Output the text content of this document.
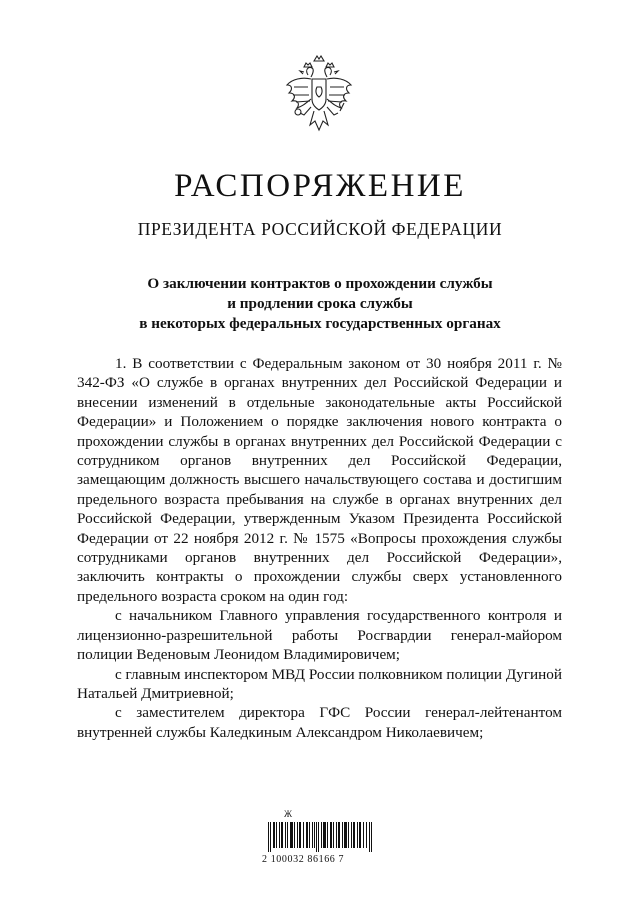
РАСПОРЯЖЕНИЕ
ПРЕЗИДЕНТА РОССИЙСКОЙ ФЕДЕРАЦИИ
О заключении контрактов о прохождении службы
и продлении срока службы
в некоторых федеральных государственных органах

1. В соответствии с Федеральным законом от 30 ноября 2011 г. № 342-ФЗ «О службе в органах внутренних дел Российской Федерации и внесении изменений в отдельные законодательные акты Российской Федерации» и Положением о порядке заключения нового контракта о прохождении службы в органах внутренних дел Российской Федерации с сотрудником органов внутренних дел Российской Федерации, замещающим должность высшего начальствующего состава и достигшим предельного возраста пребывания на службе в органах внутренних дел Российской Федерации, утвержденным Указом Президента Российской Федерации от 22 ноября 2012 г. № 1575 «Вопросы прохождения службы сотрудниками органов внутренних дел Российской Федерации», заключить контракты о прохождении службы сверх установленного предельного возраста сроком на один год:

с начальником Главного управления государственного контроля и лицензионно-разрешительной работы Росгвардии генерал-майором полиции Веденовым Леонидом Владимировичем;

с главным инспектором МВД России полковником полиции Дугиной Натальей Дмитриевной;

с заместителем директора ГФС России генерал-лейтенантом внутренней службы Каледкиным Александром Николаевичем;

Ж
2 100032 86166 7
